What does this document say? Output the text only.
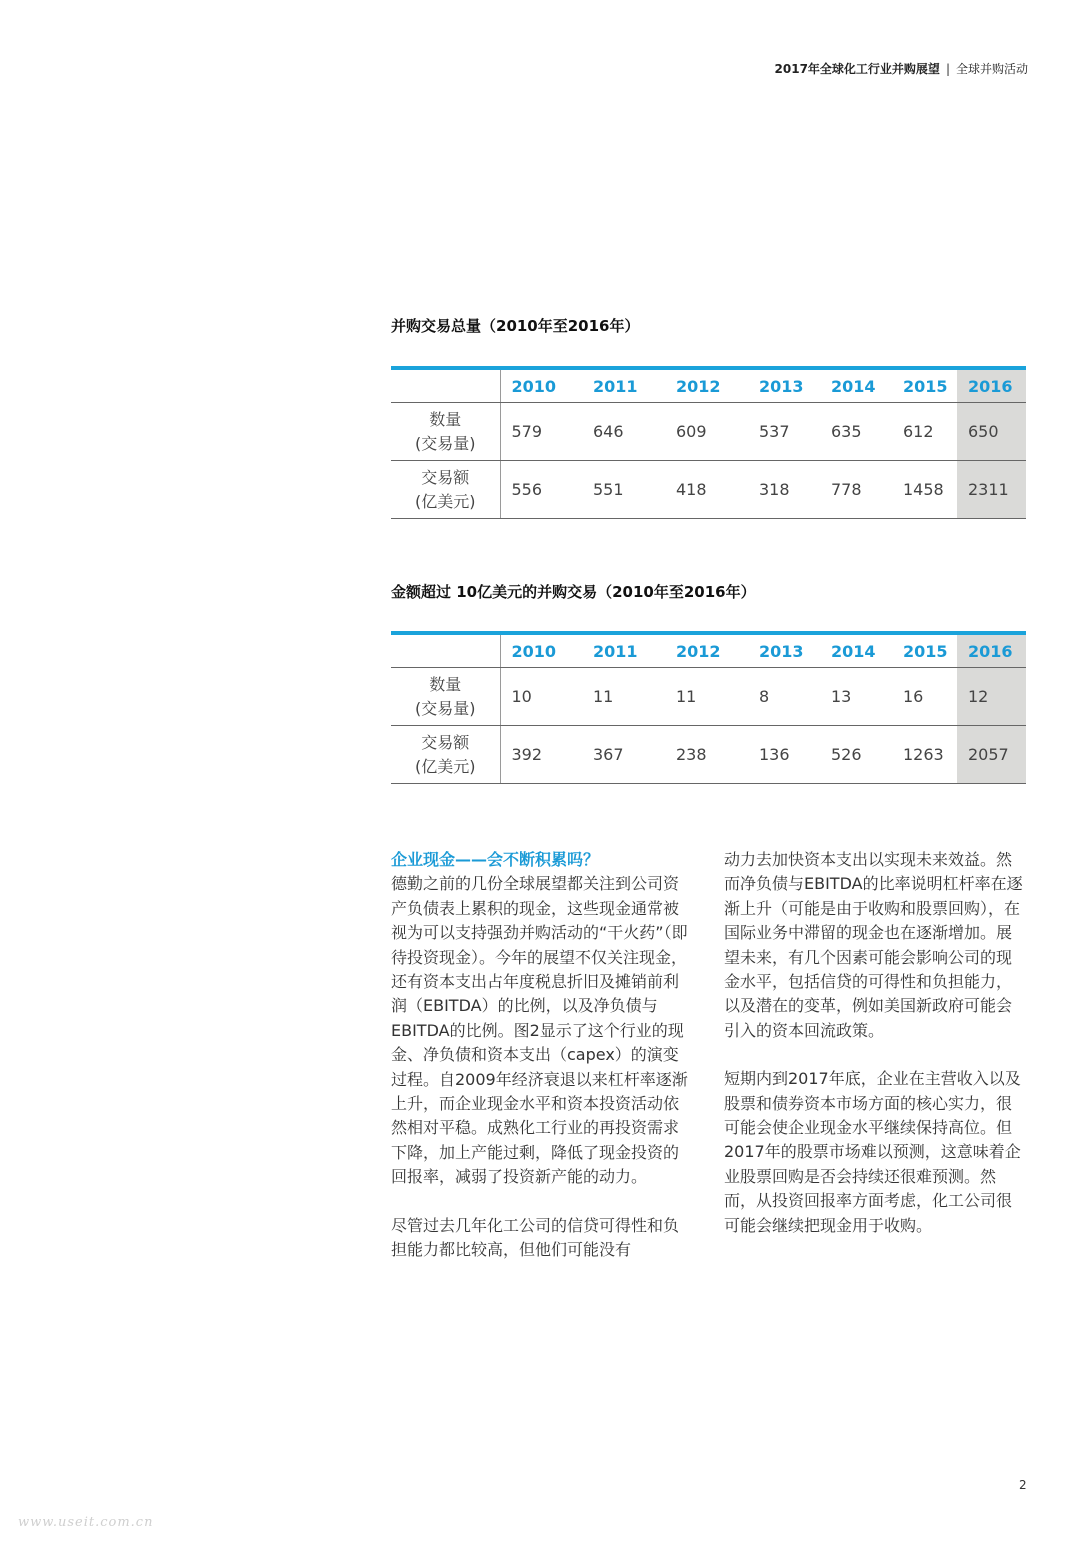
2017年全球化工行业并购展望 | 全球并购活动
并购交易总量（2010年至2016年）
	2010	2011	2012	2013	2014	2015	2016

数量
(交易量)	579	646	609	537	635	612	650

交易额
(亿美元)	556	551	418	318	778	1458	2311
金额超过 10亿美元的并购交易（2010年至2016年）
	2010	2011	2012	2013	2014	2015	2016

数量
(交易量)	10	11	11	8	13	16	12

交易额
(亿美元)	392	367	238	136	526	1263	2057

企业现金——会不断积累吗？
德勤之前的几份全球展望都关注到公司资产负债表上累积的现金，这些现金通常被视为可以支持强劲并购活动的“干火药”（即待投资现金）。今年的展望不仅关注现金，还有资本支出占年度税息折旧及摊销前利润（EBITDA）的比例，以及净负债与EBITDA的比例。图2显示了这个行业的现金、净负债和资本支出（capex）的演变过程。自2009年经济衰退以来杠杆率逐渐上升，而企业现金水平和资本投资活动依然相对平稳。成熟化工行业的再投资需求下降，加上产能过剩，降低了现金投资的回报率，减弱了投资新产能的动力。

尽管过去几年化工公司的信贷可得性和负担能力都比较高，但他们可能没有

动力去加快资本支出以实现未来效益。然而净负债与EBITDA的比率说明杠杆率在逐渐上升（可能是由于收购和股票回购），在国际业务中滞留的现金也在逐渐增加。展望未来，有几个因素可能会影响公司的现金水平，包括信贷的可得性和负担能力，以及潜在的变革，例如美国新政府可能会引入的资本回流政策。

短期内到2017年底，企业在主营收入以及股票和债券资本市场方面的核心实力，很可能会使企业现金水平继续保持高位。但2017年的股票市场难以预测，这意味着企业股票回购是否会持续还很难预测。然而，从投资回报率方面考虑，化工公司很可能会继续把现金用于收购。

2
www.useit.com.cn
